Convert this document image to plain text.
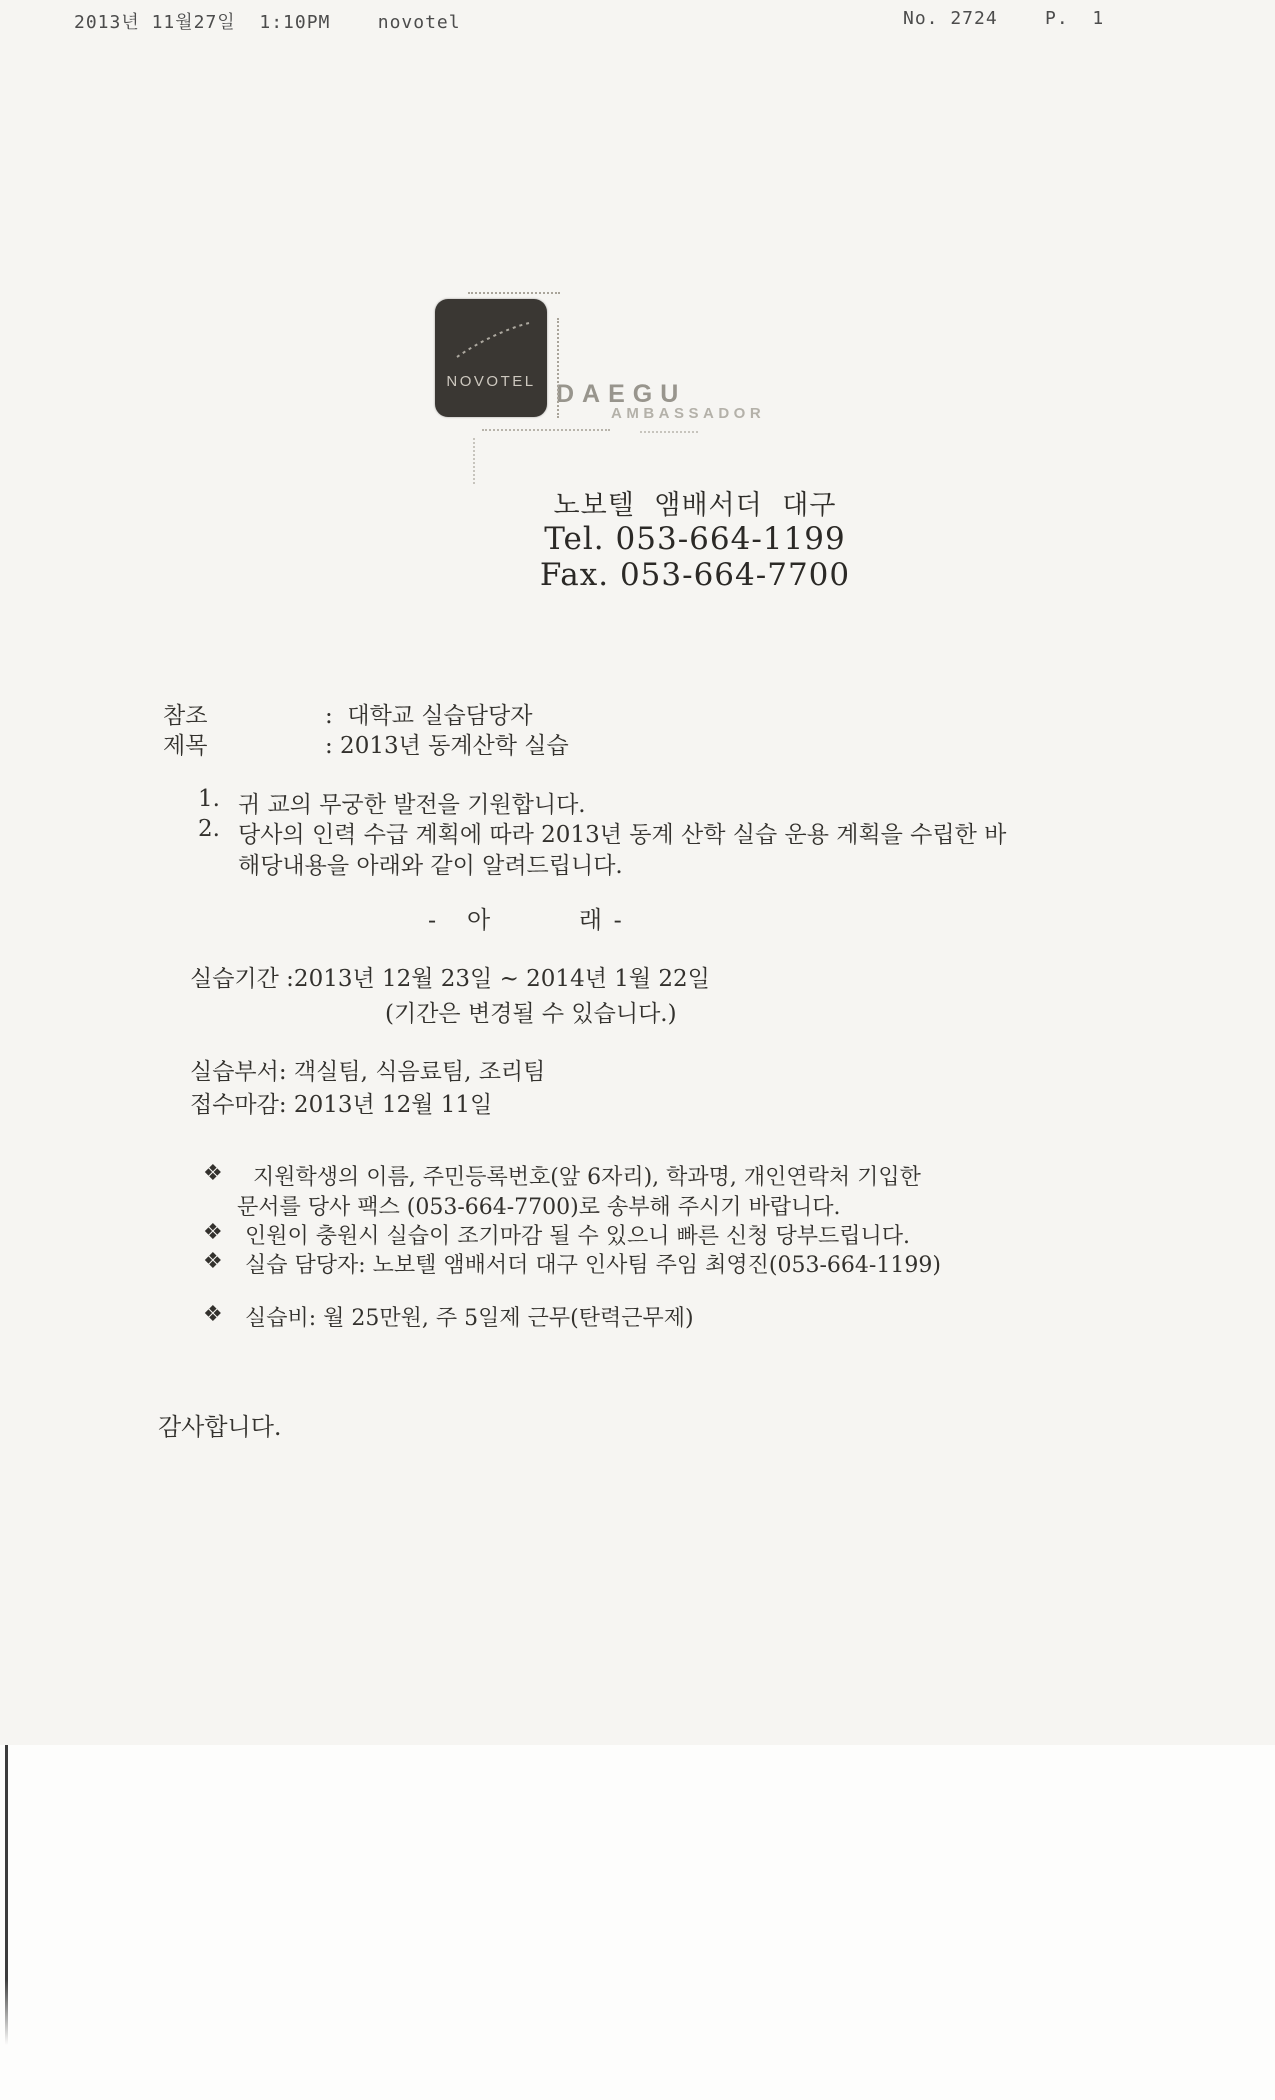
2013년 11월27일  1:10PM    novotel	No. 2724    P.  1
NOVOTEL DAEGU
AMBASSADOR
노보텔 앰배서더 대구
Tel. 053-664-1199
Fax. 053-664-7700
참조	:  대학교 실습담당자
제목	: 2013년 동계산학 실습
1. 귀 교의 무궁한 발전을 기원합니다.
2. 당사의 인력 수급 계획에 따라 2013년 동계 산학 실습 운용 계획을 수립한 바
해당내용을 아래와 같이 알려드립니다.
-   아         래 -
실습기간 :2013년 12월 23일 ~ 2014년 1월 22일
(기간은 변경될 수 있습니다.)
실습부서: 객실팀, 식음료팀, 조리팀
접수마감: 2013년 12월 11일
❖ 지원학생의 이름, 주민등록번호(앞 6자리), 학과명, 개인연락처 기입한
문서를 당사 팩스 (053-664-7700)로 송부해 주시기 바랍니다.
❖ 인원이 충원시 실습이 조기마감 될 수 있으니 빠른 신청 당부드립니다.
❖ 실습 담당자: 노보텔 앰배서더 대구 인사팀 주임 최영진(053-664-1199)
❖ 실습비: 월 25만원, 주 5일제 근무(탄력근무제)
감사합니다.
